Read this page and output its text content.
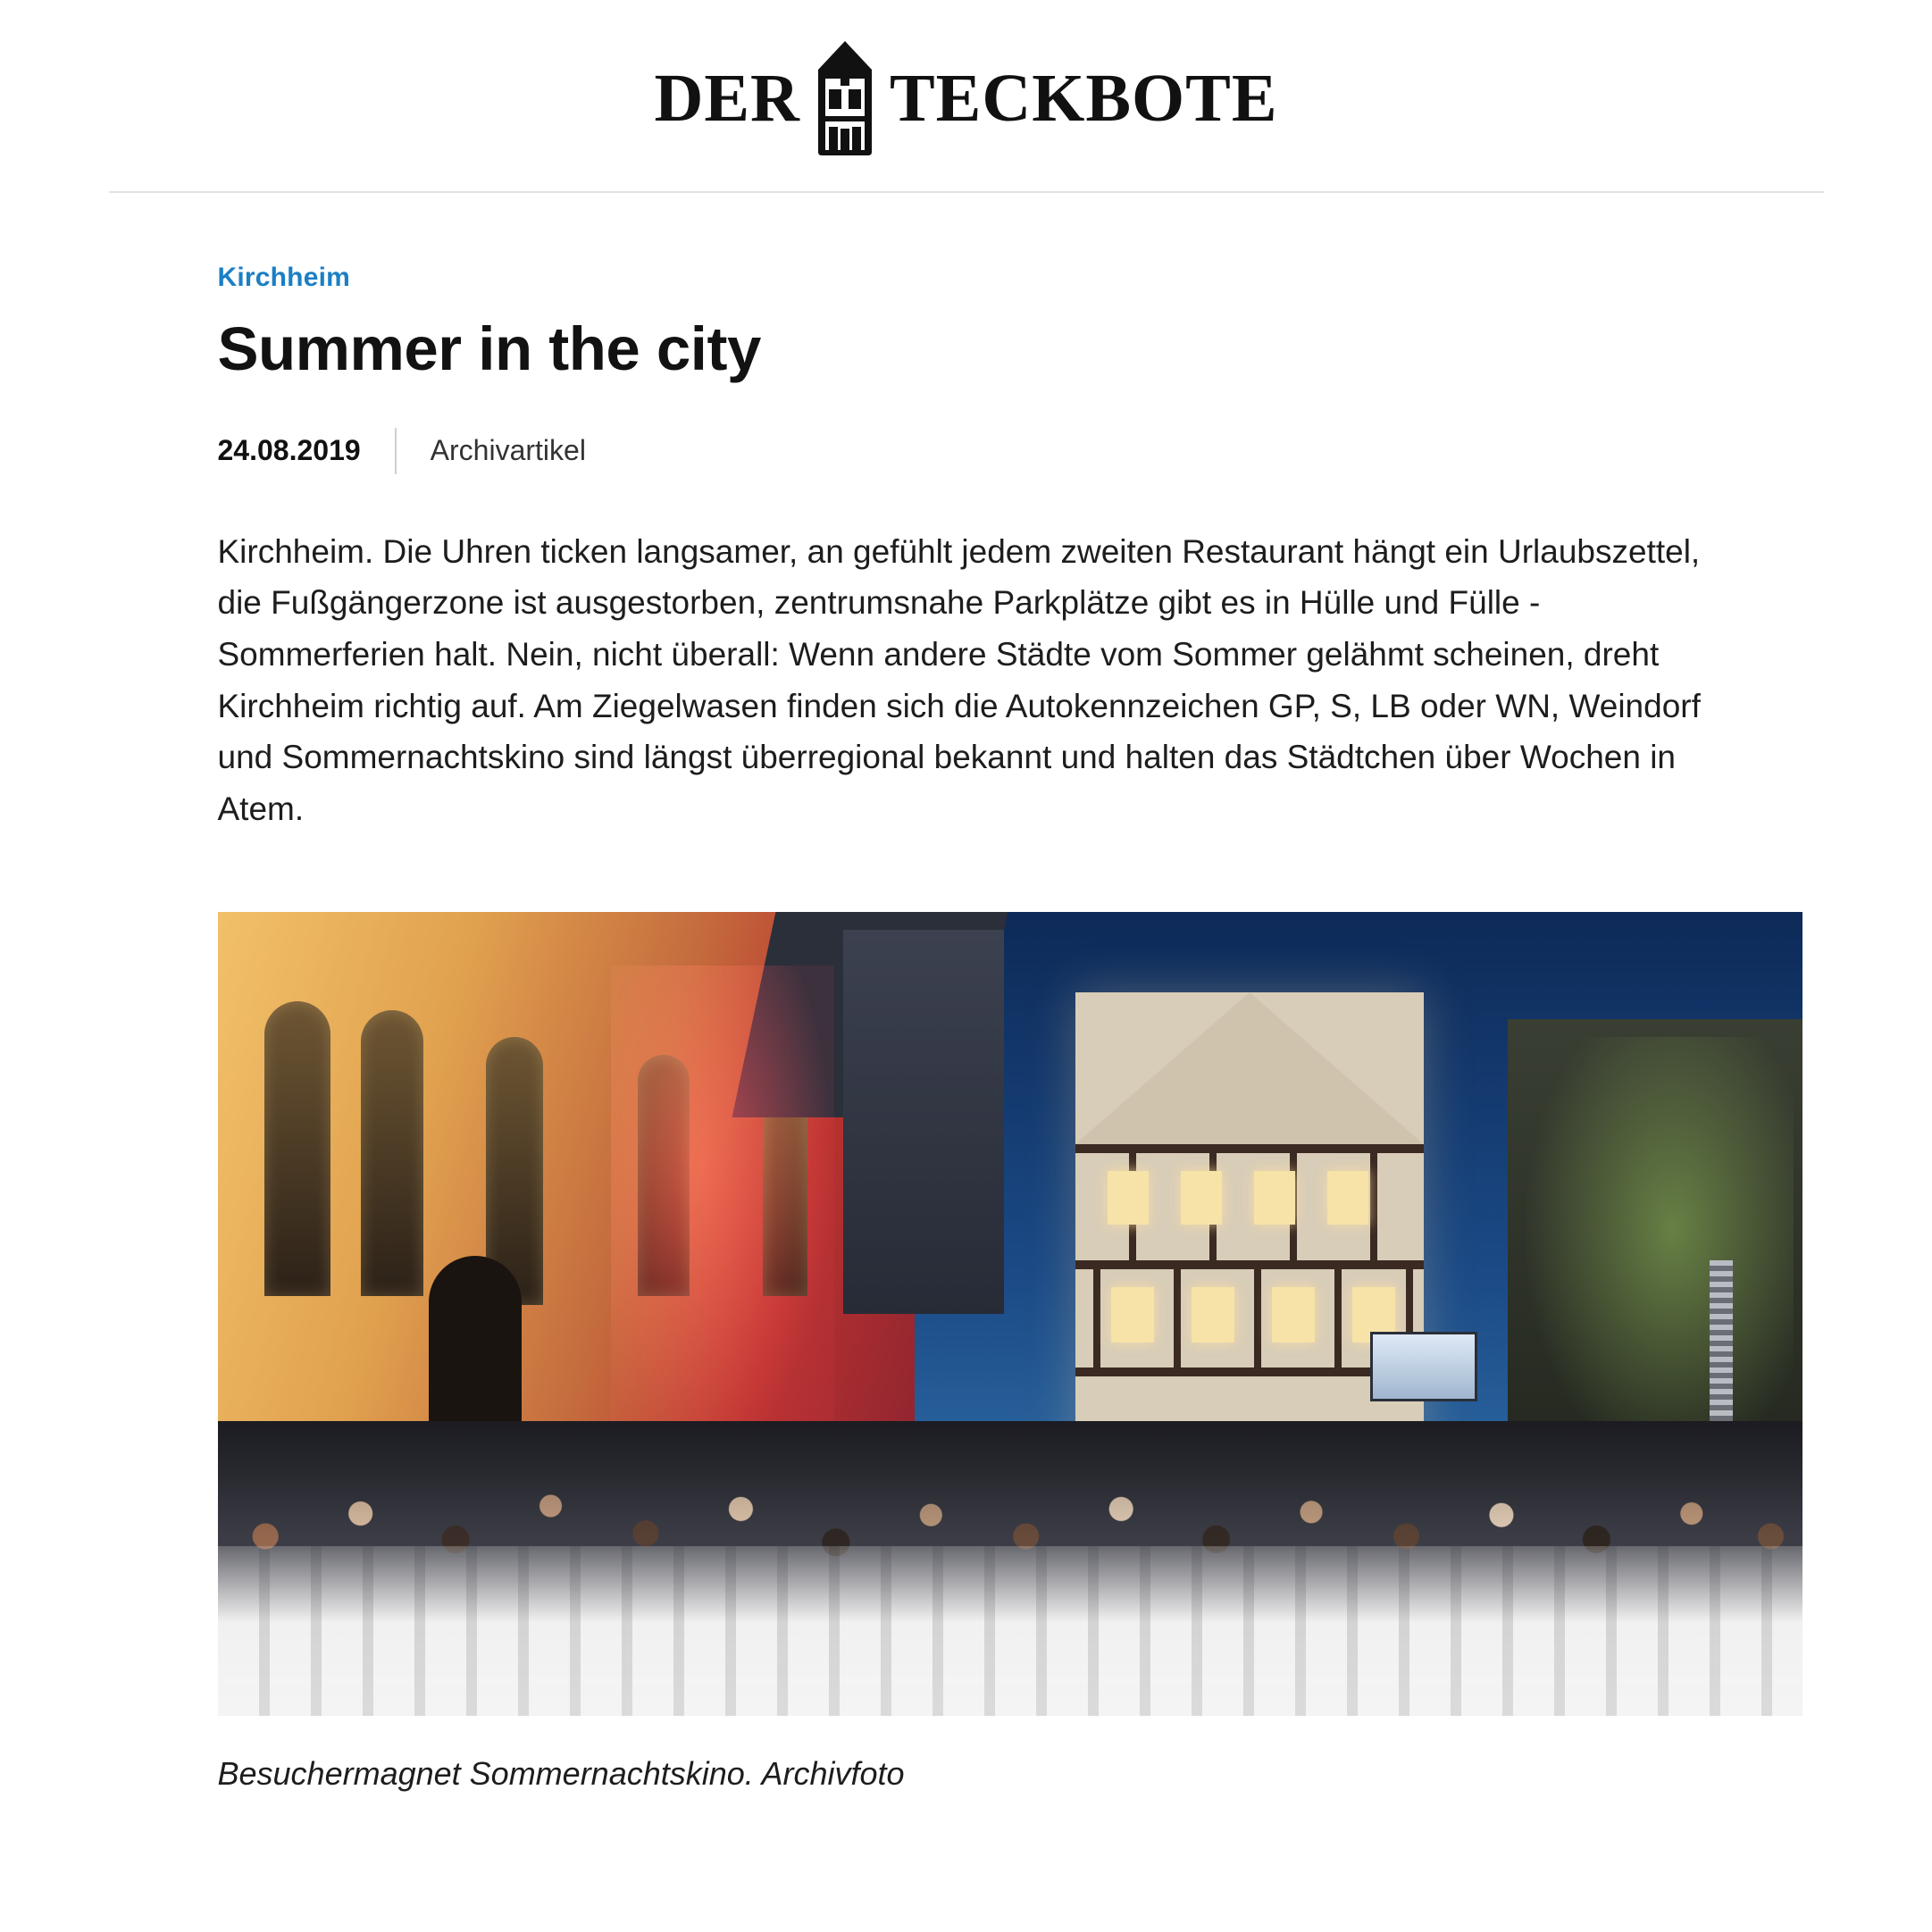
DER TECKBOTE
Kirchheim
Summer in the city
24.08.2019 Archivartikel

Kirchheim. Die Uhren ticken langsamer, an gefühlt jedem zweiten Restaurant hängt ein Urlaubszettel, die Fußgängerzone ist ausgestorben, zentrumsnahe Parkplätze gibt es in Hülle und Fülle - Sommerferien halt. Nein, nicht überall: Wenn andere Städte vom Sommer gelähmt scheinen, dreht Kirchheim richtig auf. Am Ziegelwasen finden sich die Autokennzeichen GP, S, LB oder WN, Weindorf und Sommernachtskino sind längst überregional bekannt und halten das Städtchen über Wochen in Atem.

Besuchermagnet Sommernachtskino. Archivfoto
